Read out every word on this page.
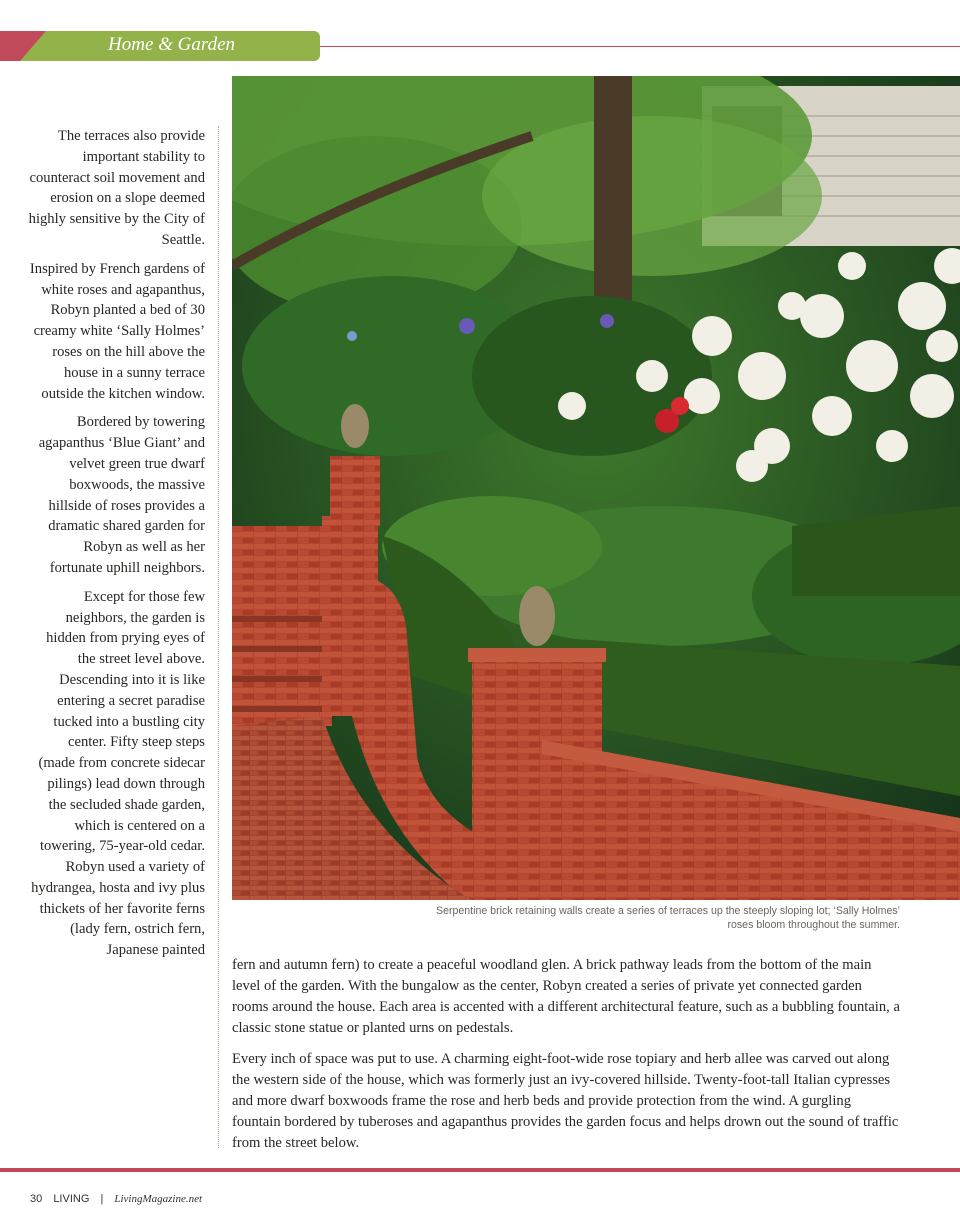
Home & Garden
Serpentine brick retaining walls create a series of terraces up the steeply sloping lot; ‘Sally Holmes’ roses bloom throughout the summer.

The terraces also provide important stability to counteract soil movement and erosion on a slope deemed highly sensitive by the City of Seattle.

Inspired by French gardens of white roses and agapanthus, Robyn planted a bed of 30 creamy white ‘Sally Holmes’ roses on the hill above the house in a sunny terrace outside the kitchen window.

Bordered by towering agapanthus ‘Blue Giant’ and velvet green true dwarf boxwoods, the massive hillside of roses provides a dramatic shared garden for Robyn as well as her fortunate uphill neighbors.

Except for those few neighbors, the garden is hidden from prying eyes of the street level above. Descending into it is like entering a secret paradise tucked into a bustling city center. Fifty steep steps (made from concrete sidecar pilings) lead down through the secluded shade garden, which is centered on a towering, 75-year-old cedar. Robyn used a variety of hydrangea, hosta and ivy plus thickets of her favorite ferns (lady fern, ostrich fern, Japanese painted

fern and autumn fern) to create a peaceful woodland glen. A brick pathway leads from the bottom of the main level of the garden. With the bungalow as the center, Robyn created a series of private yet connected garden rooms around the house. Each area is accented with a different architectural feature, such as a bubbling fountain, a classic stone statue or planted urns on pedestals.

Every inch of space was put to use. A charming eight-foot-wide rose topiary and herb allee was carved out along the western side of the house, which was formerly just an ivy-covered hillside. Twenty-foot-tall Italian cypresses and more dwarf boxwoods frame the rose and herb beds and provide protection from the wind. A gurgling fountain bordered by tuberoses and agapanthus provides the garden focus and helps drown out the sound of traffic from the street below.

30 LIVING | LivingMagazine.net
